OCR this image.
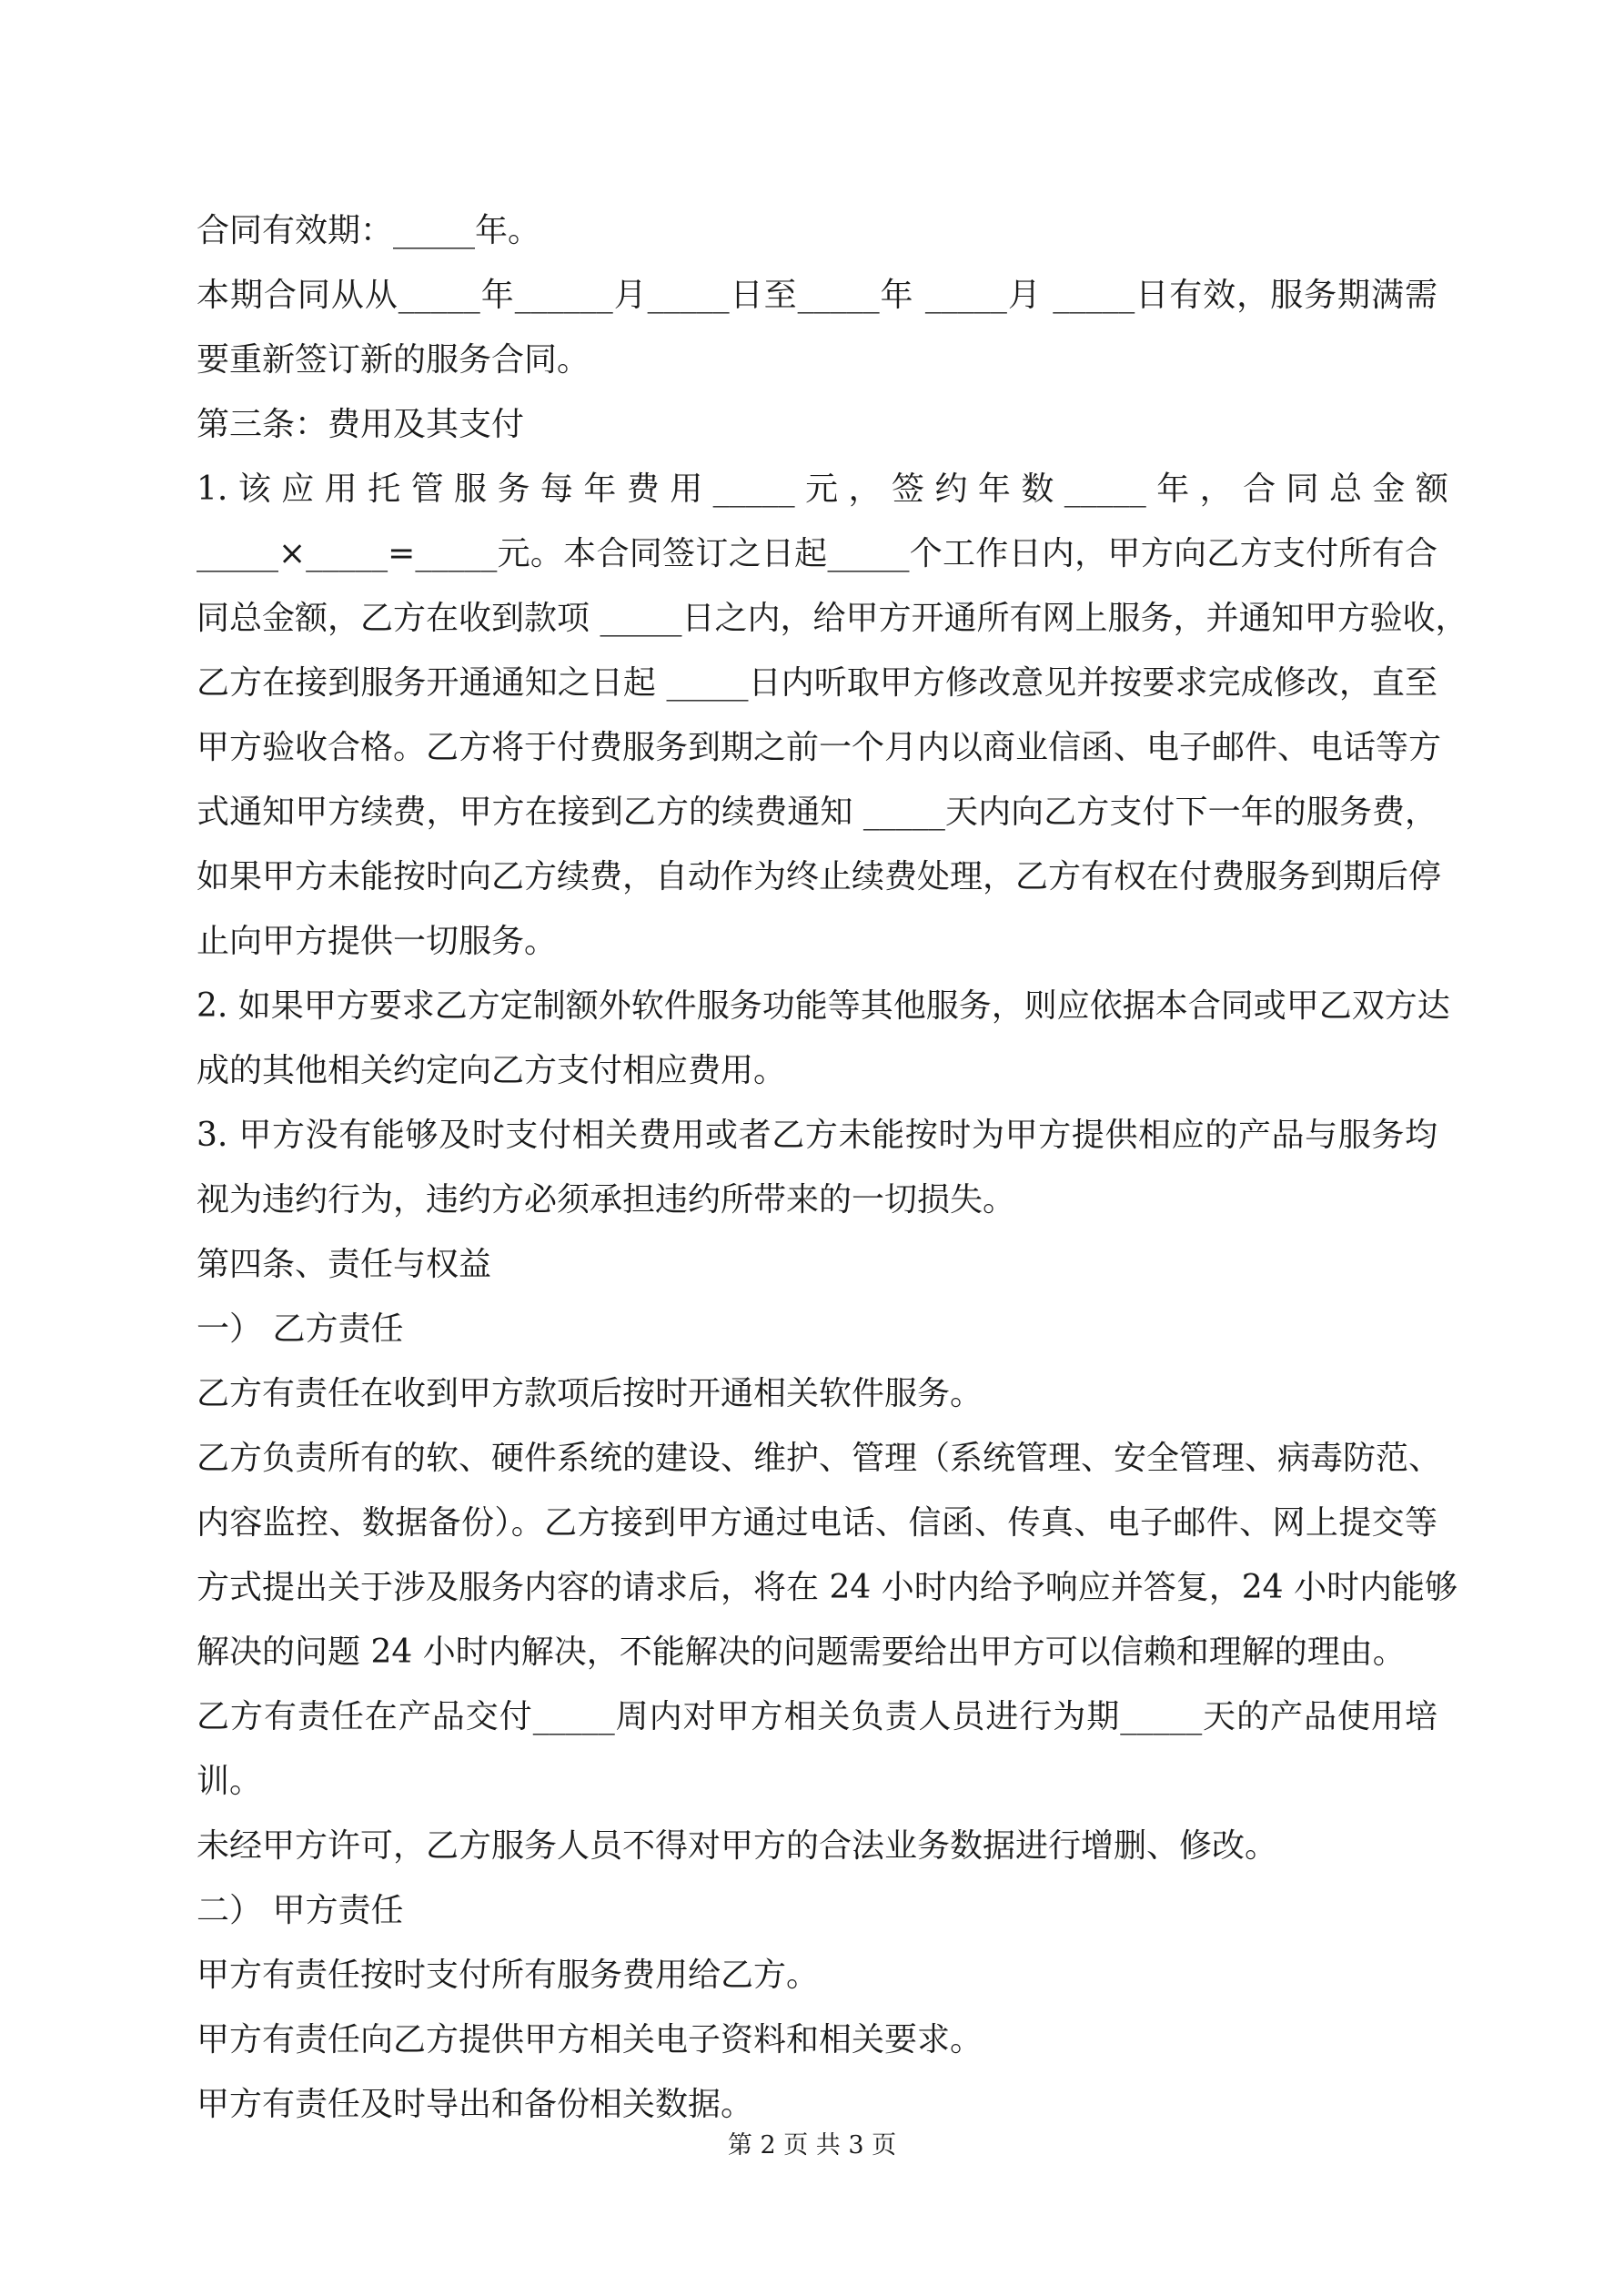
合同有效期：_____年。
本期合同从从_____年______月_____日至_____年 _____月 _____日有效，服务期满需
要重新签订新的服务合同。
第三条：费用及其支付
1. 该 应 用 托 管 服 务 每 年 费 用 _____ 元 ， 签 约 年 数 _____ 年 ， 合 同 总 金 额
_____×_____=_____元。本合同签订之日起_____个工作日内，甲方向乙方支付所有合
同总金额，乙方在收到款项 _____日之内，给甲方开通所有网上服务，并通知甲方验收，
乙方在接到服务开通通知之日起 _____日内听取甲方修改意见并按要求完成修改，直至
甲方验收合格。乙方将于付费服务到期之前一个月内以商业信函、电子邮件、电话等方
式通知甲方续费，甲方在接到乙方的续费通知 _____天内向乙方支付下一年的服务费，
如果甲方未能按时向乙方续费，自动作为终止续费处理，乙方有权在付费服务到期后停
止向甲方提供一切服务。
2. 如果甲方要求乙方定制额外软件服务功能等其他服务，则应依据本合同或甲乙双方达
成的其他相关约定向乙方支付相应费用。
3. 甲方没有能够及时支付相关费用或者乙方未能按时为甲方提供相应的产品与服务均
视为违约行为，违约方必须承担违约所带来的一切损失。
第四条、责任与权益
一） 乙方责任
乙方有责任在收到甲方款项后按时开通相关软件服务。
乙方负责所有的软、硬件系统的建设、维护、管理（系统管理、安全管理、病毒防范、
内容监控、数据备份）。乙方接到甲方通过电话、信函、传真、电子邮件、网上提交等
方式提出关于涉及服务内容的请求后，将在 24 小时内给予响应并答复，24 小时内能够
解决的问题 24 小时内解决，不能解决的问题需要给出甲方可以信赖和理解的理由。
乙方有责任在产品交付_____周内对甲方相关负责人员进行为期_____天的产品使用培
训。
未经甲方许可，乙方服务人员不得对甲方的合法业务数据进行增删、修改。
二） 甲方责任
甲方有责任按时支付所有服务费用给乙方。
甲方有责任向乙方提供甲方相关电子资料和相关要求。
甲方有责任及时导出和备份相关数据。
第 2 页 共 3 页
